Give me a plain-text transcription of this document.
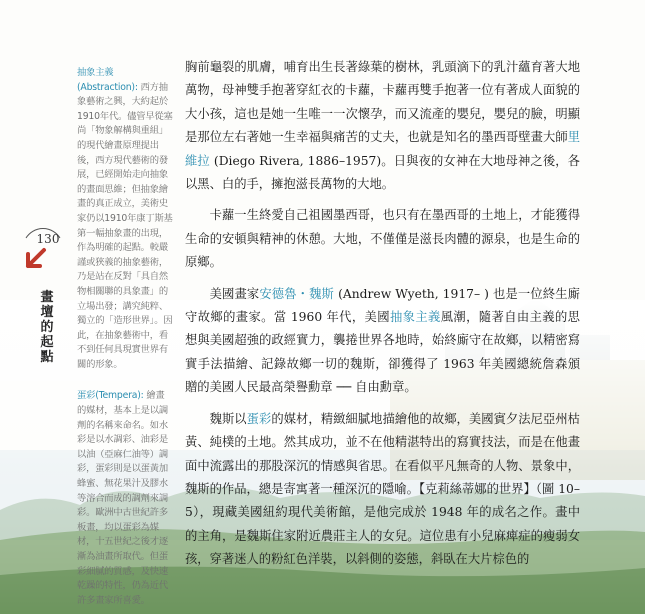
抽象主義(Abstraction): 西方抽象藝術之興，大約起於1910年代。儘管早從塞尚「物象解構與重組」的現代繪畫原理提出後，西方現代藝術的發展，已經開始走向抽象的畫面思維；但抽象繪畫的真正成立，美術史家仍以1910年康丁斯基第一幅抽象畫的出現，作為明確的起點。較嚴謹或狹義的抽象藝術，乃是站在反對「具自然物相關聯的具象畫」的立場出發；講究純粹、獨立的「造形世界」。因此，在抽象藝術中，看不到任何具現實世界有關的形象。

蛋彩(Tempera): 繪畫的媒材，基本上是以調劑的名稱來命名。如水彩是以水調彩、油彩是以油（亞麻仁油等）調彩，蛋彩則是以蛋黃加蜂蜜、無花果汁及膠水等溶合而成的調劑來調彩。歐洲中古世紀許多板畫，均以蛋彩為媒材，十五世紀之後才逐漸為油畫所取代。但蛋彩細膩的質感，及快速乾躁的特性，仍為近代許多畫家所喜愛。

130
畫壇的起點

胸前龜裂的肌膚，哺育出生長著綠葉的樹林，乳頭滴下的乳汁蘊育著大地萬物，母神雙手抱著穿紅衣的卡蘿，卡蘿再雙手抱著一位有著成人面貌的大小孩，這也是她一生唯一一次懷孕，而又流產的嬰兒，嬰兒的臉，明顯是那位左右著她一生幸福與痛苦的丈夫，也就是知名的墨西哥壁畫大師里維拉 (Diego Rivera, 1886–1957)。日與夜的女神在大地母神之後，各以黑、白的手，擁抱滋長萬物的大地。

卡蘿一生終愛自己祖國墨西哥，也只有在墨西哥的土地上，才能獲得生命的安頓與精神的休憩。大地，不僅僅是滋長肉體的源泉，也是生命的原鄉。

美國畫家安德魯・魏斯 (Andrew Wyeth, 1917– ) 也是一位終生廝守故鄉的畫家。當 1960 年代，美國抽象主義風潮，隨著自由主義的思想與美國超強的政經實力，襲捲世界各地時，始終廝守在故鄉，以精密寫實手法描繪、記錄故鄉一切的魏斯，卻獲得了 1963 年美國總統詹森頒贈的美國人民最高榮譽勳章 ── 自由勳章。

魏斯以蛋彩的媒材，精緻細膩地描繪他的故鄉，美國賓夕法尼亞州枯黃、純樸的土地。然其成功，並不在他精湛特出的寫實技法，而是在他畫面中流露出的那股深沉的情感與省思。在看似平凡無奇的人物、景象中，魏斯的作品，總是寄寓著一種深沉的隱喻。【克莉絲蒂娜的世界】（圖 10–5），現藏美國紐約現代美術館，是他完成於 1948 年的成名之作。畫中的主角，是魏斯住家附近農莊主人的女兒。這位患有小兒麻痺症的瘦弱女孩，穿著迷人的粉紅色洋裝，以斜側的姿態，斜臥在大片棕色的
